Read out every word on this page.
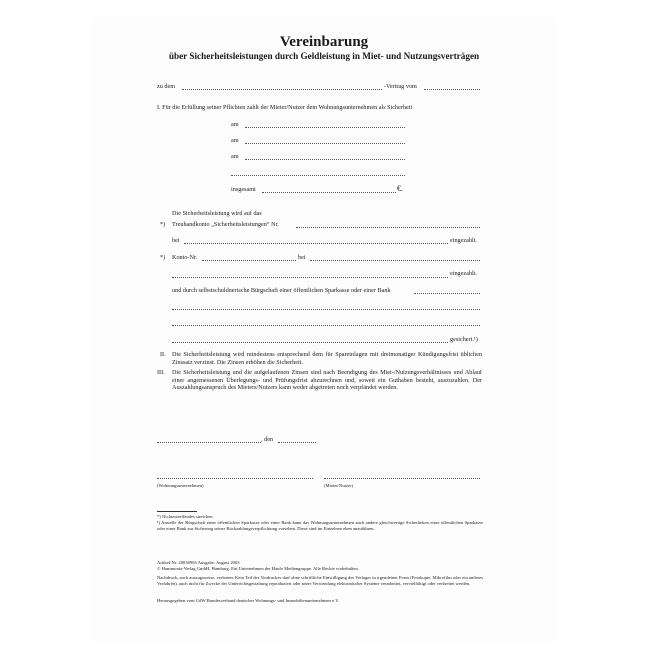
Vereinbarung
über Sicherheitsleistungen durch Geldleistung in Miet- und Nutzungsverträgen
zu dem	-Vertrag vom
I. Für die Erfüllung seiner Pflichten zahlt der Mieter/Nutzer dem Wohnungsunternehmen als Sicherheit
am
am
am
insgesamt	€.
Die Sicherheitsleistung wird auf das
*) Treuhandkonto „Sicherheitsleistungen“ Nr.
bei	eingezahlt.
*) Konto-Nr.	bei
eingezahlt.
und durch selbstschuldnerische Bürgschaft einer öffentlichen Sparkasse oder einer Bank
gesichert.¹)
II. Die Sicherheitsleistung wird mindestens entsprechend dem für Spareinlagen mit dreimonatiger Kündigungsfrist üblichen Zinssatz verzinst. Die Zinsen erhöhen die Sicherheit.
III. Die Sicherheitsleistung und die aufgelaufenen Zinsen sind nach Beendigung des Miet-/Nutzungsverhältnisses und Ablauf einer angemessenen Überlegungs- und Prüfungsfrist abzurechnen und, soweit ein Guthaben besteht, auszuzahlen. Der Auszahlungsanspruch des Mieters/Nutzers kann weder abgetreten noch verpfändet werden.
, den
(Wohnungsunternehmen)	(Mieter/Nutzer)
*) Nichtzutreffendes streichen.
¹) Anstelle der Bürgschaft einer öffentlichen Sparkasse oder einer Bank kann das Wohnungsunternehmen auch andere gleichwertige Sicherheiten einer öffentlichen Sparkasse oder einer Bank zur Sicherung seiner Rückzahlungsverpflichtung vorsehen. Diese sind im Einzelnen eben anzuführen.
Artikel-Nr. 20030965 Ausgabe: August 2003
© Hammonia-Verlag GmbH, Hamburg. Ein Unternehmen der Haufe Mediengruppe. Alle Rechte vorbehalten.
Nachdruck, auch auszugsweise, verboten. Kein Teil des Vordruckes darf ohne schriftliche Einwilligung des Verlages in irgendeiner Form (Fotokopie, Mikrofilm oder ein anderes Verfahren), auch nicht für Zwecke der Unterrichtsgestaltung reproduziert oder unter Verwendung elektronischer Systeme verarbeitet, vervielfältigt oder verbreitet werden.
Herausgegeben vom GdW Bundesverband deutscher Wohnungs- und Immobilienunternehmen e.V.
